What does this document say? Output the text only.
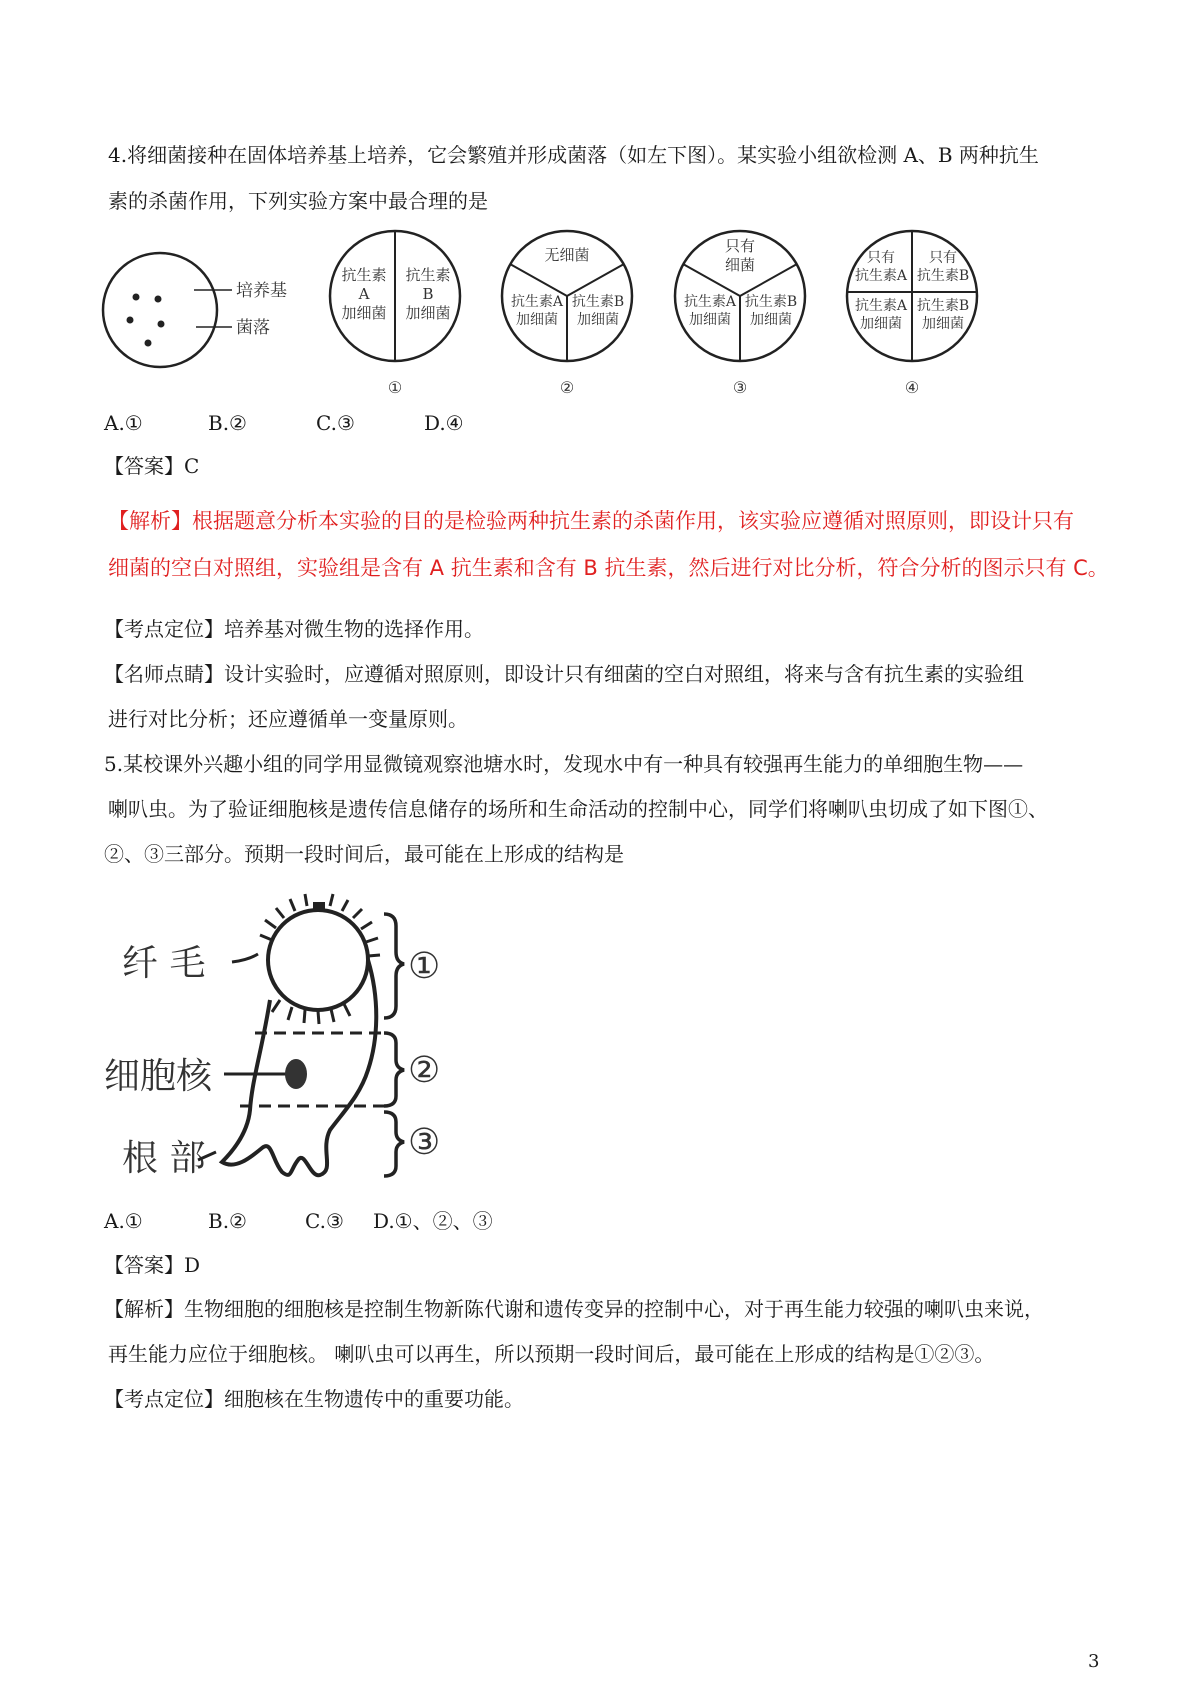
4.将细菌接种在固体培养基上培养，它会繁殖并形成菌落（如左下图）。某实验小组欲检测 A、B 两种抗生
素的杀菌作用，下列实验方案中最合理的是
培养基
菌落
抗生素 A 加细菌
抗生素 B 加细菌
①
无细菌
抗生素A 加细菌
抗生素B 加细菌
②
只有细菌
抗生素A 加细菌
抗生素B 加细菌
③
只有抗生素A
只有抗生素B
抗生素A 加细菌
抗生素B 加细菌
④
A.①	B.②	C.③	D.④
【答案】C
【解析】根据题意分析本实验的目的是检验两种抗生素的杀菌作用，该实验应遵循对照原则，即设计只有
细菌的空白对照组，实验组是含有 A 抗生素和含有 B 抗生素，然后进行对比分析，符合分析的图示只有 C。
【考点定位】培养基对微生物的选择作用。
【名师点睛】设计实验时，应遵循对照原则，即设计只有细菌的空白对照组，将来与含有抗生素的实验组
进行对比分析；还应遵循单一变量原则。
5.某校课外兴趣小组的同学用显微镜观察池塘水时，发现水中有一种具有较强再生能力的单细胞生物——
喇叭虫。为了验证细胞核是遗传信息储存的场所和生命活动的控制中心，同学们将喇叭虫切成了如下图①、
②、③三部分。预期一段时间后，最可能在上形成的结构是
纤 毛
细胞核
根 部
①
②
③
A.①	B.②	C.③ D.①、②、③
【答案】D
【解析】生物细胞的细胞核是控制生物新陈代谢和遗传变异的控制中心，对于再生能力较强的喇叭虫来说，
再生能力应位于细胞核。 喇叭虫可以再生，所以预期一段时间后，最可能在上形成的结构是①②③。
【考点定位】细胞核在生物遗传中的重要功能。
3
